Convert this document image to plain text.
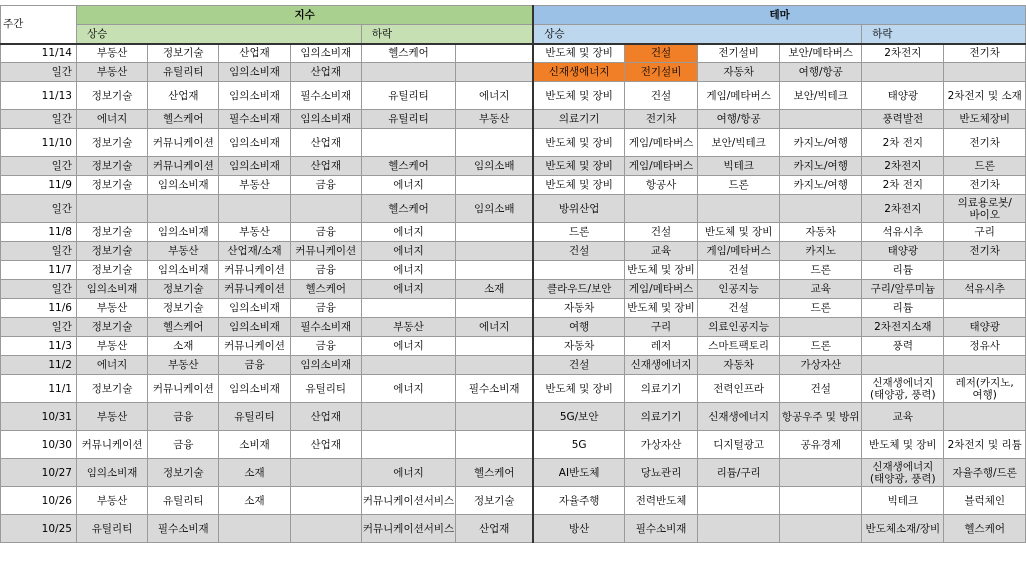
주간	지수						테마					
	상승				하락		상승				하락	
11/14	부동산	정보기술	산업재	임의소비재	헬스케어		반도체 및 장비	건설	전기설비	보안/메타버스	2차전지	전기차
일간	부동산	유틸리티	임의소비재	산업재			신재생에너지	전기설비	자동차	여행/항공		
11/13	정보기술	산업재	임의소비재	필수소비재	유틸리티	에너지	반도체 및 장비	건설	게임/메타버스	보안/빅테크	태양광	2차전지 및 소재
일간	에너지	헬스케어	필수소비재	임의소비재	유틸리티	부동산	의료기기	전기차	여행/항공		풍력발전	반도체장비
11/10	정보기술	커뮤니케이션	임의소비재	산업재			반도체 및 장비	게임/메타버스	보안/빅테크	카지노/여행	2차 전지	전기차
일간	정보기술	커뮤니케이션	임의소비재	산업재	헬스케어	임의소배	반도체 및 장비	게임/메타버스	빅테크	카지노/여행	2차전지	드론
11/9	정보기술	임의소비재	부동산	금융	에너지		반도체 및 장비	항공사	드론	카지노/여행	2차 전지	전기차
일간					헬스케어	임의소배	방위산업				2차전지	의료용로봇/바이오
11/8	정보기술	임의소비재	부동산	금융	에너지		드론	건설	반도체 및 장비	자동차	석유시추	구리
일간	정보기술	부동산	산업재/소재	커뮤니케이션	에너지		건설	교육	게임/메타버스	카지노	태양광	전기차
11/7	정보기술	임의소비재	커뮤니케이션	금융	에너지			반도체 및 장비	건설	드론	리튬	
일간	임의소비재	정보기술	커뮤니케이션	헬스케어	에너지	소재	클라우드/보안	게임/메타버스	인공지능	교육	구리/알루미늄	석유시추
11/6	부동산	정보기술	임의소비재	금융			자동차	반도체 및 장비	건설	드론	리튬	
일간	정보기술	헬스케어	임의소비재	필수소비재	부동산	에너지	여행	구리	의료인공지능		2차전지소재	태양광
11/3	부동산	소재	커뮤니케이션	금융	에너지		자동차	레저	스마트팩토리	드론	풍력	정유사
11/2	에너지	부동산	금융	임의소비재			건설	신재생에너지	자동차	가상자산		
11/1	정보기술	커뮤니케이션	임의소비재	유틸리티	에너지	필수소비재	반도체 및 장비	의료기기	전력인프라	건설	신재생에너지 (태양광, 풍력)	레저(카지노, 여행)
10/31	부동산	금융	유틸리티	산업재			5G/보안	의료기기	신재생에너지	항공우주 및 방위	교육	
10/30	커뮤니케이션	금융	소비재	산업재			5G	가상자산	디지털광고	공유경제	반도체 및 장비	2차전지 및 리튬
10/27	임의소비재	정보기술	소재		에너지	헬스케어	AI반도체	당뇨관리	리튬/구리		신재생에너지 (태양광, 풍력)	자율주행/드론
10/26	부동산	유틸리티	소재		커뮤니케이션서비스	정보기술	자율주행	전력반도체			빅테크	블럭체인
10/25	유틸리티	필수소비재			커뮤니케이션서비스	산업재	방산	필수소비재			반도체소재/장비	헬스케어
